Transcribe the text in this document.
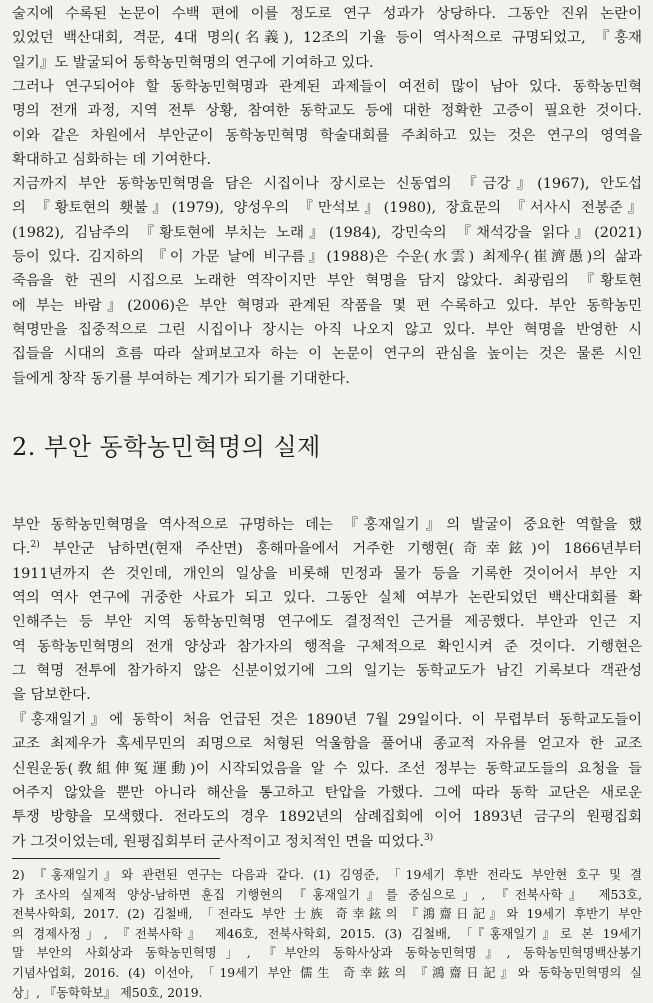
술지에 수록된 논문이 수백 편에 이를 정도로 연구 성과가 상당하다. 그동안 진위 논란이
있었던 백산대회, 격문, 4대 명의(名義), 12조의 기율 등이 역사적으로 규명되었고, 『홍재
일기』도 발굴되어 동학농민혁명의 연구에 기여하고 있다.
그러나 연구되어야 할 동학농민혁명과 관계된 과제들이 여전히 많이 남아 있다. 동학농민혁
명의 전개 과정, 지역 전투 상황, 참여한 동학교도 등에 대한 정확한 고증이 필요한 것이다.
이와 같은 차원에서 부안군이 동학농민혁명 학술대회를 주최하고 있는 것은 연구의 영역을
확대하고 심화하는 데 기여한다.
지금까지 부안 동학농민혁명을 담은 시집이나 장시로는 신동엽의 『금강』(1967), 안도섭
의 『황토현의 횃불』(1979), 양성우의 『만석보』(1980), 장효문의 『서사시 전봉준』
(1982), 김남주의 『황토현에 부치는 노래』(1984), 강민숙의 『채석강을 읽다』(2021)
등이 있다. 김지하의 『이 가문 날에 비구름』(1988)은 수운(水雲) 최제우(崔濟愚)의 삶과
죽음을 한 권의 시집으로 노래한 역작이지만 부안 혁명을 담지 않았다. 최광림의 『황토현
에 부는 바람』(2006)은 부안 혁명과 관계된 작품을 몇 편 수록하고 있다. 부안 동학농민
혁명만을 집중적으로 그린 시집이나 장시는 아직 나오지 않고 있다. 부안 혁명을 반영한 시
집들을 시대의 흐름 따라 살펴보고자 하는 이 논문이 연구의 관심을 높이는 것은 물론 시인
들에게 창작 동기를 부여하는 계기가 되기를 기대한다.
2. 부안 동학농민혁명의 실제
부안 동학농민혁명을 역사적으로 규명하는 데는 『홍재일기』의 발굴이 중요한 역할을 했
다.$^{2)}$ 부안군 남하면(현재 주산면) 홍해마을에서 거주한 기행현(奇幸鉉)이 1866년부터
1911년까지 쓴 것인데, 개인의 일상을 비롯해 민정과 물가 등을 기록한 것이어서 부안 지
역의 역사 연구에 귀중한 사료가 되고 있다. 그동안 실체 여부가 논란되었던 백산대회를 확
인해주는 등 부안 지역 동학농민혁명 연구에도 결정적인 근거를 제공했다. 부안과 인근 지
역 동학농민혁명의 전개 양상과 참가자의 행적을 구체적으로 확인시켜 준 것이다. 기행현은
그 혁명 전투에 참가하지 않은 신분이었기에 그의 일기는 동학교도가 남긴 기록보다 객관성
을 담보한다.
『홍재일기』에 동학이 처음 언급된 것은 1890년 7월 29일이다. 이 무렵부터 동학교도들이
교조 최제우가 혹세무민의 죄명으로 처형된 억울함을 풀어내 종교적 자유를 얻고자 한 교조
신원운동(敎組伸冤運動)이 시작되었음을 알 수 있다. 조선 정부는 동학교도들의 요청을 들
어주지 않았을 뿐만 아니라 해산을 통고하고 탄압을 가했다. 그에 따라 동학 교단은 새로운
투쟁 방향을 모색했다. 전라도의 경우 1892년의 삼례집회에 이어 1893년 금구의 원평집회
가 그것이었는데, 원평집회부터 군사적이고 정치적인 면을 띠었다.$^{3)}$
2) 『홍재일기』와 관련된 연구는 다음과 같다. (1) 김영준, 「19세기 후반 전라도 부안현 호구 및 결
가 조사의 실제적 양상-남하면 훈집 기행현의 『홍재일기』를 중심으로」, 『전북사학』 제53호,
전북사학회, 2017. (2) 김철배, 「전라도 부안 士族 奇幸鉉의 『鴻齋日記』와 19세기 후반기 부안
의 경제사정」, 『전북사학』 제46호, 전북사학회, 2015. (3) 김철배, 「『홍재일기』로 본 19세기
말 부안의 사회상과 동학농민혁명」, 『부안의 동학사상과 동학농민혁명』, 동학농민혁명백산봉기
기념사업회, 2016. (4) 이선아, 「19세기 부안 儒生 奇幸鉉의 『鴻齋日記』와 동학농민혁명의 실
상」, 『동학학보』 제50호, 2019.
